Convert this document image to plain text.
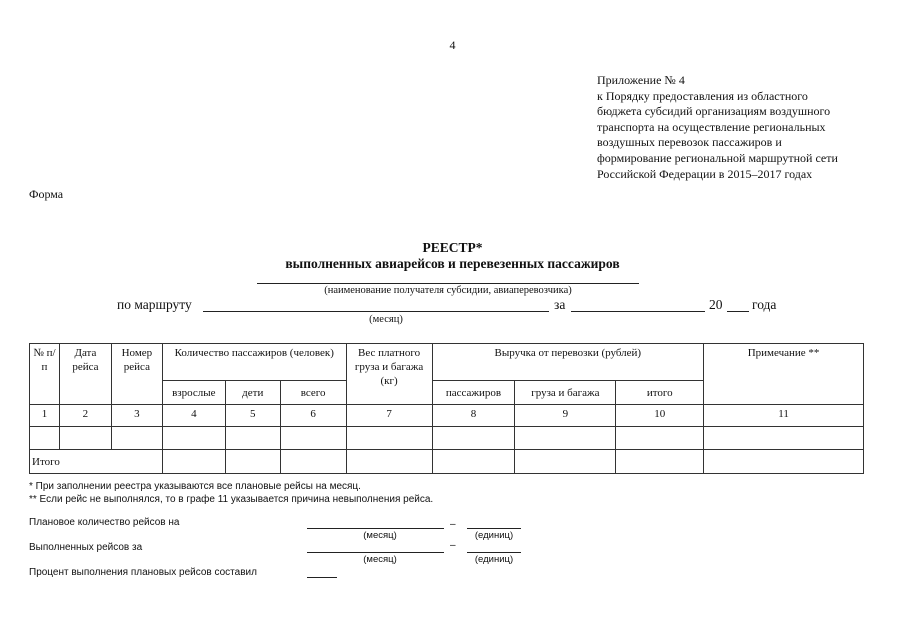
4
Приложение № 4
к Порядку предоставления из областного
бюджета субсидий организациям воздушного
транспорта на осуществление региональных
воздушных перевозок пассажиров и
формирование региональной маршрутной сети
Российской Федерации в 2015–2017 годах
Форма
РЕЕСТР*
выполненных авиарейсов и перевезенных пассажиров
(наименование получателя субсидии, авиаперевозчика)
по маршруту	за	20 года
(месяц)
№ п/п	Дата рейса	Номер рейса	Количество пассажиров (человек)			Вес платного груза и багажа (кг)	Выручка от перевозки (рублей)			Примечание **
			взрослые	дети	всего		пассажиров	груза и багажа	итого	
1	2	3	4	5	6	7	8	9	10	11

Итого										
* При заполнении реестра указываются все плановые рейсы на месяц.
** Если рейс не выполнялся, то в графе 11 указывается причина невыполнения рейса.
Плановое количество рейсов на	–
(месяц)	(единиц)
Выполненных рейсов за	–
(месяц)	(единиц)
Процент выполнения плановых рейсов составил
